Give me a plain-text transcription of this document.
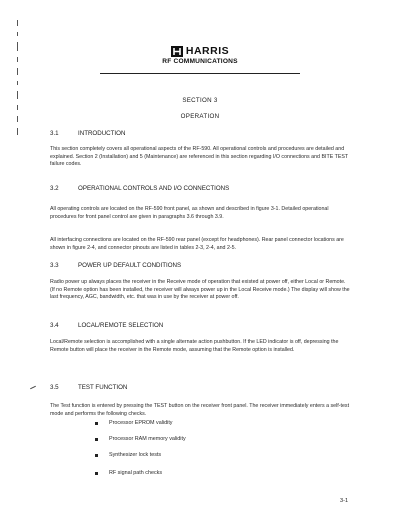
HARRIS
RF COMMUNICATIONS
SECTION 3
OPERATION
3.1	INTRODUCTION
This section completely covers all operational aspects of the RF-590. All operational controls and procedures are detailed and explained. Section 2 (Installation) and 5 (Maintenance) are referenced in this section regarding I/O connections and BITE TEST failure codes.
3.2	OPERATIONAL CONTROLS AND I/O CONNECTIONS
All operating controls are located on the RF-590 front panel, as shown and described in figure 3-1. Detailed operational procedures for front panel control are given in paragraphs 3.6 through 3.9.
All interfacing connections are located on the RF-590 rear panel (except for headphones). Rear panel connector locations are shown in figure 2-4, and connector pinouts are listed in tables 2-3, 2-4, and 2-5.
3.3	POWER UP DEFAULT CONDITIONS
Radio power up always places the receiver in the Receive mode of operation that existed at power off, either Local or Remote. (If no Remote option has been installed, the receiver will always power up in the Local Receive mode.) The display will show the last frequency, AGC, bandwidth, etc. that was in use by the receiver at power off.
3.4	LOCAL/REMOTE SELECTION
Local/Remote selection is accomplished with a single alternate action pushbutton. If the LED indicator is off, depressing the Remote button will place the receiver in the Remote mode, assuming that the Remote option is installed.
3.5	TEST FUNCTION
The Test function is entered by pressing the TEST button on the receiver front panel. The receiver immediately enters a self-test mode and performs the following checks.
Processor EPROM validity
Processor RAM memory validity
Synthesizer lock tests
RF signal path checks
3-1
